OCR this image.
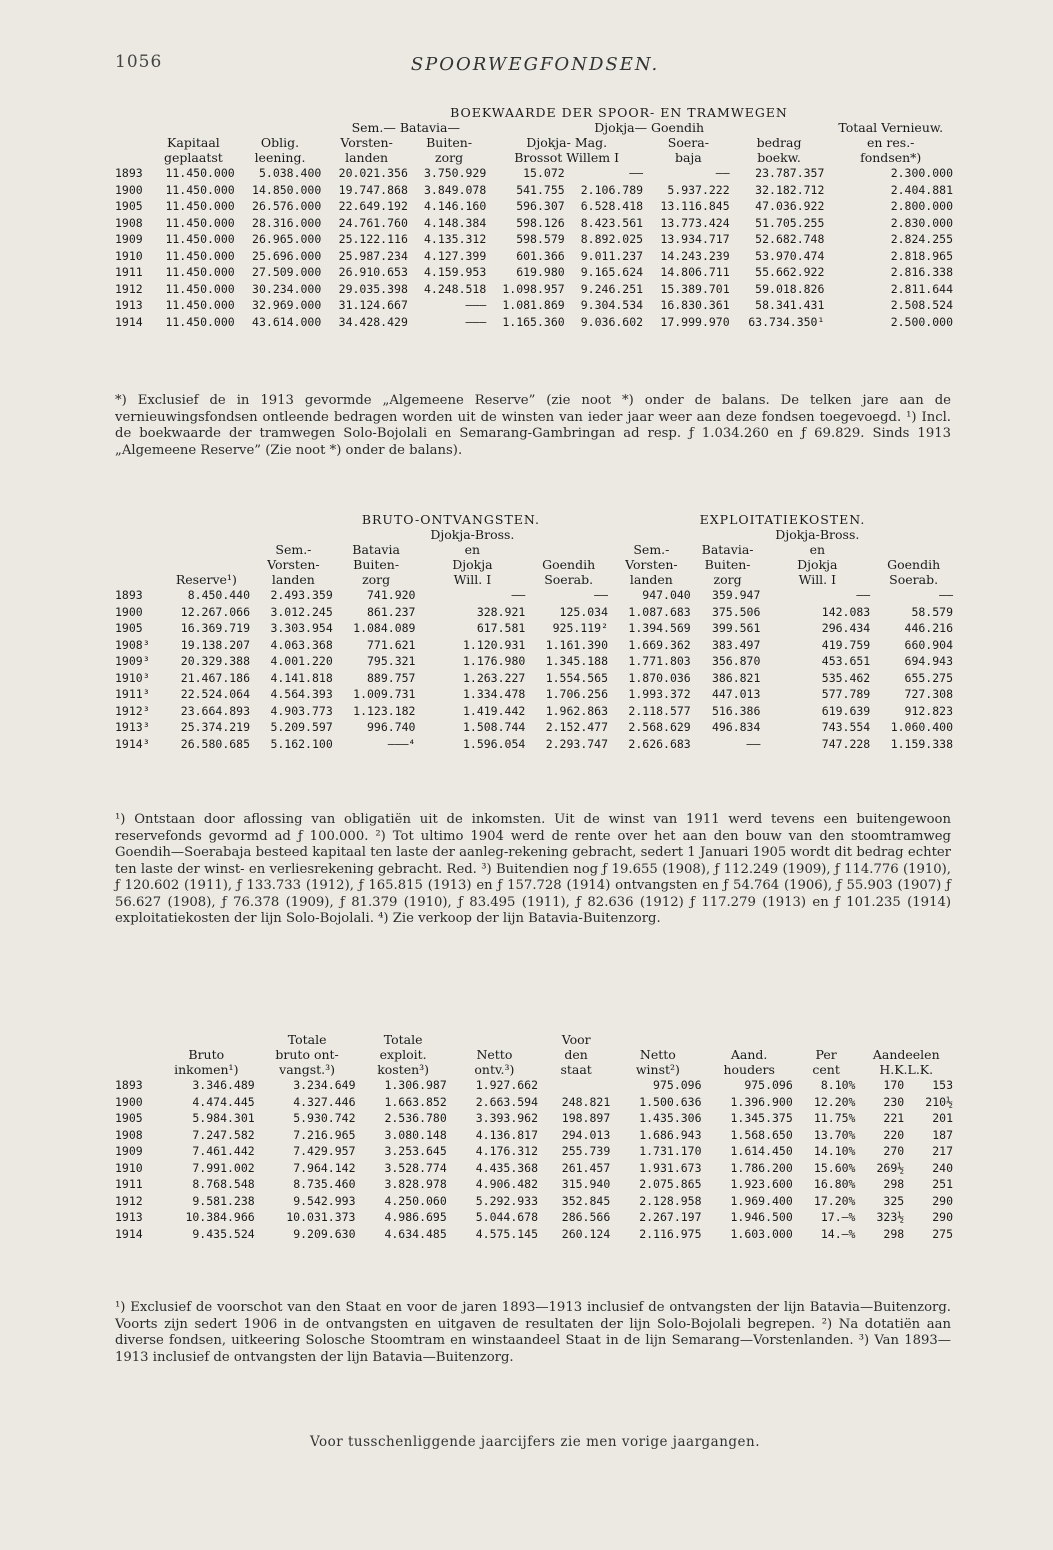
1056	SPOORWEGFONDSEN.
BOEKWAARDE DER SPOOR- EN TRAMWEGEN									
			Sem.— Batavia—			Djokja— Goendih			Totaal Vernieuw.
	Kapitaal	Oblig.	Vorsten-	Buiten-	Djokja- Mag.		Soera-	bedrag	en res.-
	geplaatst	leening.	landen	zorg	Brossot Willem I		baja	boekw.	fondsen*)
1893	11.450.000	5.038.400	20.021.356	3.750.929	15.072	——	——	23.787.357	2.300.000
1900	11.450.000	14.850.000	19.747.868	3.849.078	541.755	2.106.789	5.937.222	32.182.712	2.404.881
1905	11.450.000	26.576.000	22.649.192	4.146.160	596.307	6.528.418	13.116.845	47.036.922	2.800.000
1908	11.450.000	28.316.000	24.761.760	4.148.384	598.126	8.423.561	13.773.424	51.705.255	2.830.000
1909	11.450.000	26.965.000	25.122.116	4.135.312	598.579	8.892.025	13.934.717	52.682.748	2.824.255
1910	11.450.000	25.696.000	25.987.234	4.127.399	601.366	9.011.237	14.243.239	53.970.474	2.818.965
1911	11.450.000	27.509.000	26.910.653	4.159.953	619.980	9.165.624	14.806.711	55.662.922	2.816.338
1912	11.450.000	30.234.000	29.035.398	4.248.518	1.098.957	9.246.251	15.389.701	59.018.826	2.811.644
1913	11.450.000	32.969.000	31.124.667	———	1.081.869	9.304.534	16.830.361	58.341.431	2.508.524
1914	11.450.000	43.614.000	34.428.429	———	1.165.360	9.036.602	17.999.970	63.734.350¹	2.500.000
*) Exclusief de in 1913 gevormde „Algemeene Reserve” (zie noot *) onder de balans. De telken jare aan de vernieuwingsfondsen ontleende bedragen worden uit de winsten van ieder jaar weer aan deze fondsen toegevoegd. ¹) Incl. de boekwaarde der tramwegen Solo-Bojolali en Semarang-Gambringan ad resp. ƒ 1.034.260 en ƒ 69.829. Sinds 1913 „Algemeene Reserve” (Zie noot *) onder de balans).
BRUTO-ONTVANGSTEN.						EXPLOITATIEKOSTEN.			
				Djokja-Bross.				Djokja-Bross.	
		Sem.-	Batavia	en		Sem.-	Batavia-	en	
		Vorsten-	Buiten-	Djokja	Goendih	Vorsten-	Buiten-	Djokja	Goendih
	Reserve¹)	landen	zorg	Will. I	Soerab.	landen	zorg	Will. I	Soerab.
1893	8.450.440	2.493.359	741.920	——	——	947.040	359.947	——	——
1900	12.267.066	3.012.245	861.237	328.921	125.034	1.087.683	375.506	142.083	58.579
1905	16.369.719	3.303.954	1.084.089	617.581	925.119²	1.394.569	399.561	296.434	446.216
1908³	19.138.207	4.063.368	771.621	1.120.931	1.161.390	1.669.362	383.497	419.759	660.904
1909³	20.329.388	4.001.220	795.321	1.176.980	1.345.188	1.771.803	356.870	453.651	694.943
1910³	21.467.186	4.141.818	889.757	1.263.227	1.554.565	1.870.036	386.821	535.462	655.275
1911³	22.524.064	4.564.393	1.009.731	1.334.478	1.706.256	1.993.372	447.013	577.789	727.308
1912³	23.664.893	4.903.773	1.123.182	1.419.442	1.962.863	2.118.577	516.386	619.639	912.823
1913³	25.374.219	5.209.597	996.740	1.508.744	2.152.477	2.568.629	496.834	743.554	1.060.400
1914³	26.580.685	5.162.100	———⁴	1.596.054	2.293.747	2.626.683	——	747.228	1.159.338
¹) Ontstaan door aflossing van obligatiën uit de inkomsten. Uit de winst van 1911 werd tevens een buitengewoon reservefonds gevormd ad ƒ 100.000. ²) Tot ultimo 1904 werd de rente over het aan den bouw van den stoomtramweg Goendih—Soerabaja besteed kapitaal ten laste der aanleg-rekening gebracht, sedert 1 Januari 1905 wordt dit bedrag echter ten laste der winst- en verliesrekening gebracht. Red. ³) Buitendien nog ƒ 19.655 (1908), ƒ 112.249 (1909), ƒ 114.776 (1910), ƒ 120.602 (1911), ƒ 133.733 (1912), ƒ 165.815 (1913) en ƒ 157.728 (1914) ontvangsten en ƒ 54.764 (1906), ƒ 55.903 (1907) ƒ 56.627 (1908), ƒ 76.378 (1909), ƒ 81.379 (1910), ƒ 83.495 (1911), ƒ 82.636 (1912) ƒ 117.279 (1913) en ƒ 101.235 (1914) exploitatiekosten der lijn Solo-Bojolali. ⁴) Zie verkoop der lijn Batavia-Buitenzorg.
		Totale	Totale		Voor					
	Bruto	bruto ont-	exploit.	Netto	den	Netto	Aand.	Per	Aandeelen	
	inkomen¹)	vangst.³)	kosten³)	ontv.³)	staat	winst²)	houders	cent	H.K.L.K.	
1893	3.346.489	3.234.649	1.306.987	1.927.662		975.096	975.096	8.10%	170	153
1900	4.474.445	4.327.446	1.663.852	2.663.594	248.821	1.500.636	1.396.900	12.20%	230	210½
1905	5.984.301	5.930.742	2.536.780	3.393.962	198.897	1.435.306	1.345.375	11.75%	221	201
1908	7.247.582	7.216.965	3.080.148	4.136.817	294.013	1.686.943	1.568.650	13.70%	220	187
1909	7.461.442	7.429.957	3.253.645	4.176.312	255.739	1.731.170	1.614.450	14.10%	270	217
1910	7.991.002	7.964.142	3.528.774	4.435.368	261.457	1.931.673	1.786.200	15.60%	269½	240
1911	8.768.548	8.735.460	3.828.978	4.906.482	315.940	2.075.865	1.923.600	16.80%	298	251
1912	9.581.238	9.542.993	4.250.060	5.292.933	352.845	2.128.958	1.969.400	17.20%	325	290
1913	10.384.966	10.031.373	4.986.695	5.044.678	286.566	2.267.197	1.946.500	17.—%	323½	290
1914	9.435.524	9.209.630	4.634.485	4.575.145	260.124	2.116.975	1.603.000	14.—%	298	275
¹) Exclusief de voorschot van den Staat en voor de jaren 1893—1913 inclusief de ontvangsten der lijn Batavia—Buitenzorg. Voorts zijn sedert 1906 in de ontvangsten en uitgaven de resultaten der lijn Solo-Bojolali begrepen. ²) Na dotatiën aan diverse fondsen, uitkeering Solosche Stoomtram en winstaandeel Staat in de lijn Semarang—Vorstenlanden. ³) Van 1893—1913 inclusief de ontvangsten der lijn Batavia—Buitenzorg.
Voor tusschenliggende jaarcijfers zie men vorige jaargangen.
